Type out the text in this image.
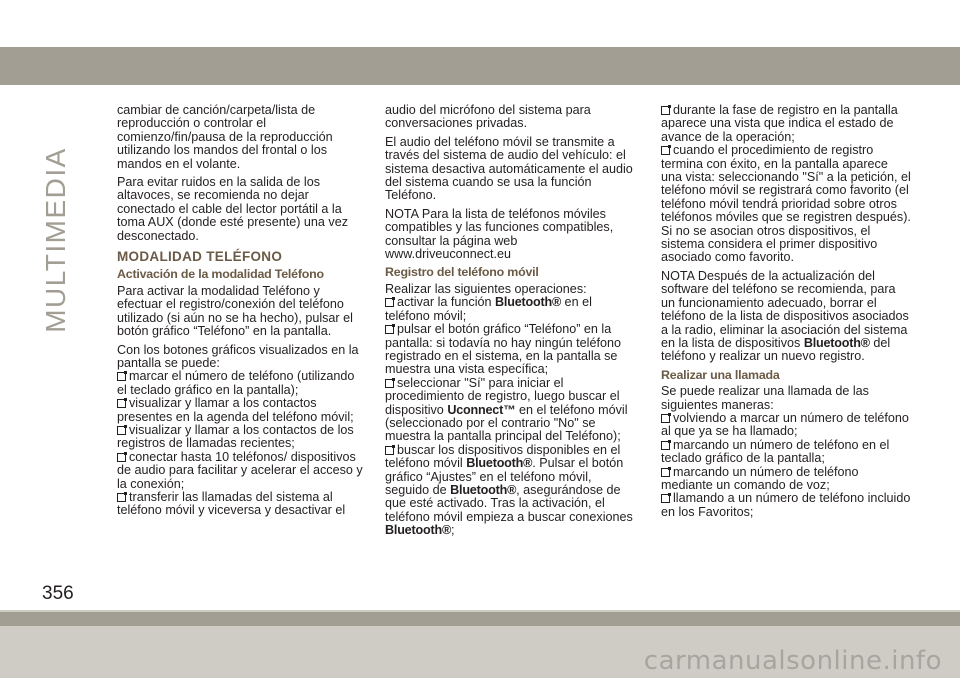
MULTIMEDIA

cambiar de canción/carpeta/lista de reproducción o controlar el comienzo/fin/pausa de la reproducción utilizando los mandos del frontal o los mandos en el volante.

Para evitar ruidos en la salida de los altavoces, se recomienda no dejar conectado el cable del lector portátil a la toma AUX (donde esté presente) una vez desconectado.

MODALIDAD TELÉFONO
Activación de la modalidad Teléfono

Para activar la modalidad Teléfono y efectuar el registro/conexión del teléfono utilizado (si aún no se ha hecho), pulsar el botón gráfico “Teléfono” en la pantalla.

Con los botones gráficos visualizados en la pantalla se puede:

marcar el número de teléfono (utilizando el teclado gráfico en la pantalla);
visualizar y llamar a los contactos presentes en la agenda del teléfono móvil;
visualizar y llamar a los contactos de los registros de llamadas recientes;
conectar hasta 10 teléfonos/ dispositivos de audio para facilitar y acelerar el acceso y la conexión;
transferir las llamadas del sistema al teléfono móvil y viceversa y desactivar el

audio del micrófono del sistema para conversaciones privadas.

El audio del teléfono móvil se transmite a través del sistema de audio del vehículo: el sistema desactiva automáticamente el audio del sistema cuando se usa la función Teléfono.

NOTA Para la lista de teléfonos móviles compatibles y las funciones compatibles, consultar la página web www.driveuconnect.eu

Registro del teléfono móvil

Realizar las siguientes operaciones:

activar la función Bluetooth® en el teléfono móvil;
pulsar el botón gráfico “Teléfono” en la pantalla: si todavía no hay ningún teléfono registrado en el sistema, en la pantalla se muestra una vista específica;
seleccionar "Sí" para iniciar el procedimiento de registro, luego buscar el dispositivo Uconnect™ en el teléfono móvil (seleccionado por el contrario "No" se muestra la pantalla principal del Teléfono);
buscar los dispositivos disponibles en el teléfono móvil Bluetooth®. Pulsar el botón gráfico “Ajustes” en el teléfono móvil, seguido de Bluetooth®, asegurándose de que esté activado. Tras la activación, el teléfono móvil empieza a buscar conexiones Bluetooth®;
durante la fase de registro en la pantalla aparece una vista que indica el estado de avance de la operación;
cuando el procedimiento de registro termina con éxito, en la pantalla aparece una vista: seleccionando "Sí" a la petición, el teléfono móvil se registrará como favorito (el teléfono móvil tendrá prioridad sobre otros teléfonos móviles que se registren después). Si no se asocian otros dispositivos, el sistema considera el primer dispositivo asociado como favorito.

NOTA Después de la actualización del software del teléfono se recomienda, para un funcionamiento adecuado, borrar el teléfono de la lista de dispositivos asociados a la radio, eliminar la asociación del sistema en la lista de dispositivos Bluetooth® del teléfono y realizar un nuevo registro.

Realizar una llamada

Se puede realizar una llamada de las siguientes maneras:

volviendo a marcar un número de teléfono al que ya se ha llamado;
marcando un número de teléfono en el teclado gráfico de la pantalla;
marcando un número de teléfono mediante un comando de voz;
llamando a un número de teléfono incluido en los Favoritos;
356
carmanualsonline.info
